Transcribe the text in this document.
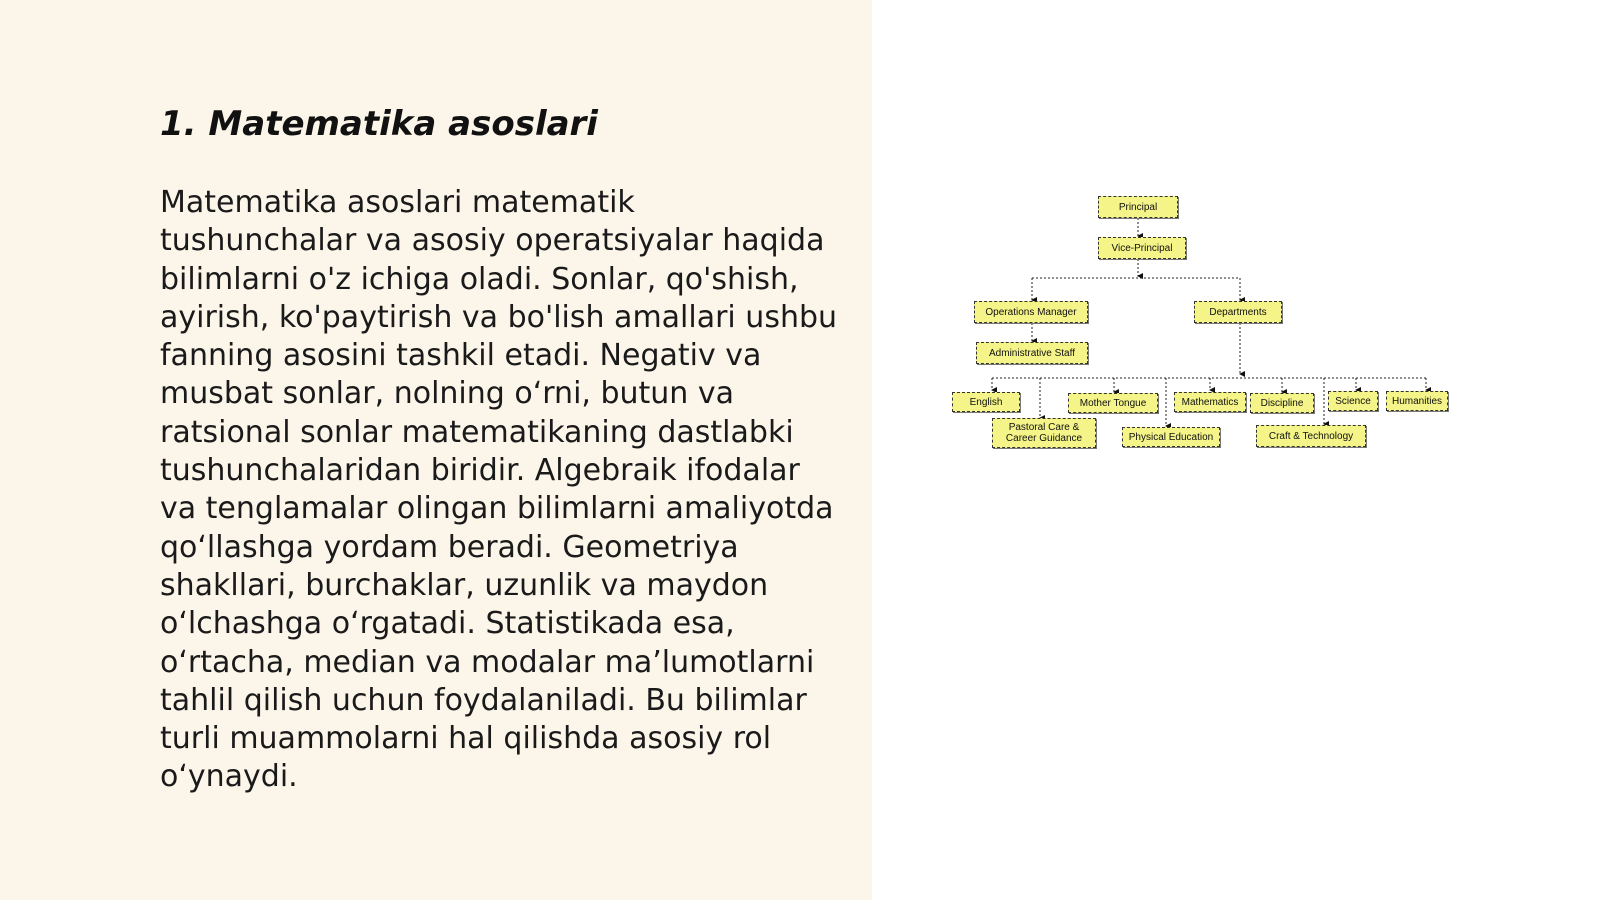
1. Matematika asoslari

Matematika asoslari matematik tushunchalar va asosiy operatsiyalar haqida bilimlarni o'z ichiga oladi. Sonlar, qo'shish, ayirish, ko'paytirish va bo'lish amallari ushbu fanning asosini tashkil etadi. Negativ va musbat sonlar, nolning o‘rni, butun va ratsional sonlar matematikaning dastlabki tushunchalaridan biridir. Algebraik ifodalar va tenglamalar olingan bilimlarni amaliyotda qo‘llashga yordam beradi. Geometriya shakllari, burchaklar, uzunlik va maydon o‘lchashga o‘rgatadi. Statistikada esa, o‘rtacha, median va modalar ma’lumotlarni tahlil qilish uchun foydalaniladi. Bu bilimlar turli muammolarni hal qilishda asosiy rol o‘ynaydi.

Principal
Vice-Principal
Operations Manager	Departments
Administrative Staff
English
Pastoral Care & Career Guidance
Mother Tongue
Physical Education
Mathematics	Discipline
Craft & Technology
Science	Humanities
